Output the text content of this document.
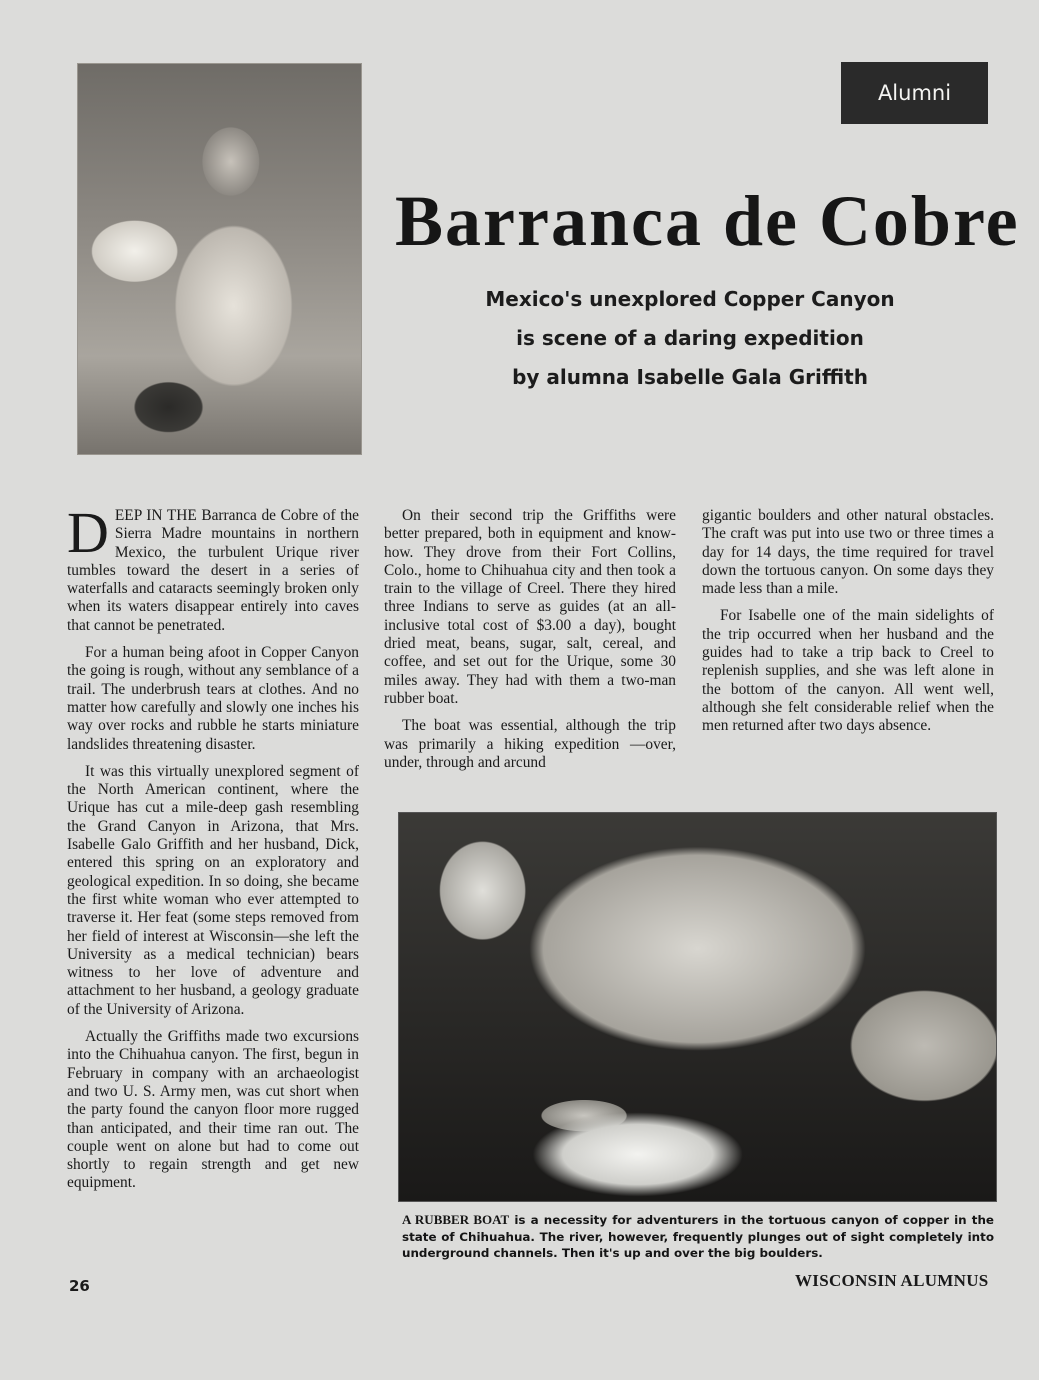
Alumni
Barranca de Cobre
Mexico's unexplored Copper Canyon
is scene of a daring expedition
by alumna Isabelle Gala Griffith

DEEP IN THE Barranca de Cobre of the Sierra Madre mountains in northern Mexico, the turbulent Urique river tumbles toward the desert in a series of waterfalls and cataracts seemingly broken only when its waters disappear entirely into caves that cannot be penetrated.

For a human being afoot in Copper Canyon the going is rough, without any semblance of a trail. The underbrush tears at clothes. And no matter how carefully and slowly one inches his way over rocks and rubble he starts miniature landslides threatening disaster.

It was this virtually unexplored segment of the North American continent, where the Urique has cut a mile-deep gash resembling the Grand Canyon in Arizona, that Mrs. Isabelle Galo Griffith and her husband, Dick, entered this spring on an exploratory and geological expedition. In so doing, she became the first white woman who ever attempted to traverse it. Her feat (some steps removed from her field of interest at Wisconsin—she left the University as a medical technician) bears witness to her love of adventure and attachment to her husband, a geology graduate of the University of Arizona.

Actually the Griffiths made two excursions into the Chihuahua canyon. The first, begun in February in company with an archaeologist and two U. S. Army men, was cut short when the party found the canyon floor more rugged than anticipated, and their time ran out. The couple went on alone but had to come out shortly to regain strength and get new equipment.

On their second trip the Griffiths were better prepared, both in equipment and know-how. They drove from their Fort Collins, Colo., home to Chihuahua city and then took a train to the village of Creel. There they hired three Indians to serve as guides (at an all-inclusive total cost of $3.00 a day), bought dried meat, beans, sugar, salt, cereal, and coffee, and set out for the Urique, some 30 miles away. They had with them a two-man rubber boat.

The boat was essential, although the trip was primarily a hiking expedition —over, under, through and arcund

gigantic boulders and other natural obstacles. The craft was put into use two or three times a day for 14 days, the time required for travel down the tortuous canyon. On some days they made less than a mile.

For Isabelle one of the main sidelights of the trip occurred when her husband and the guides had to take a trip back to Creel to replenish supplies, and she was left alone in the bottom of the canyon. All went well, although she felt considerable relief when the men returned after two days absence.

A RUBBER BOAT is a necessity for adventurers in the tortuous canyon of copper in the state of Chihuahua. The river, however, frequently plunges out of sight completely into underground channels. Then it's up and over the big boulders.
26	WISCONSIN ALUMNUS
